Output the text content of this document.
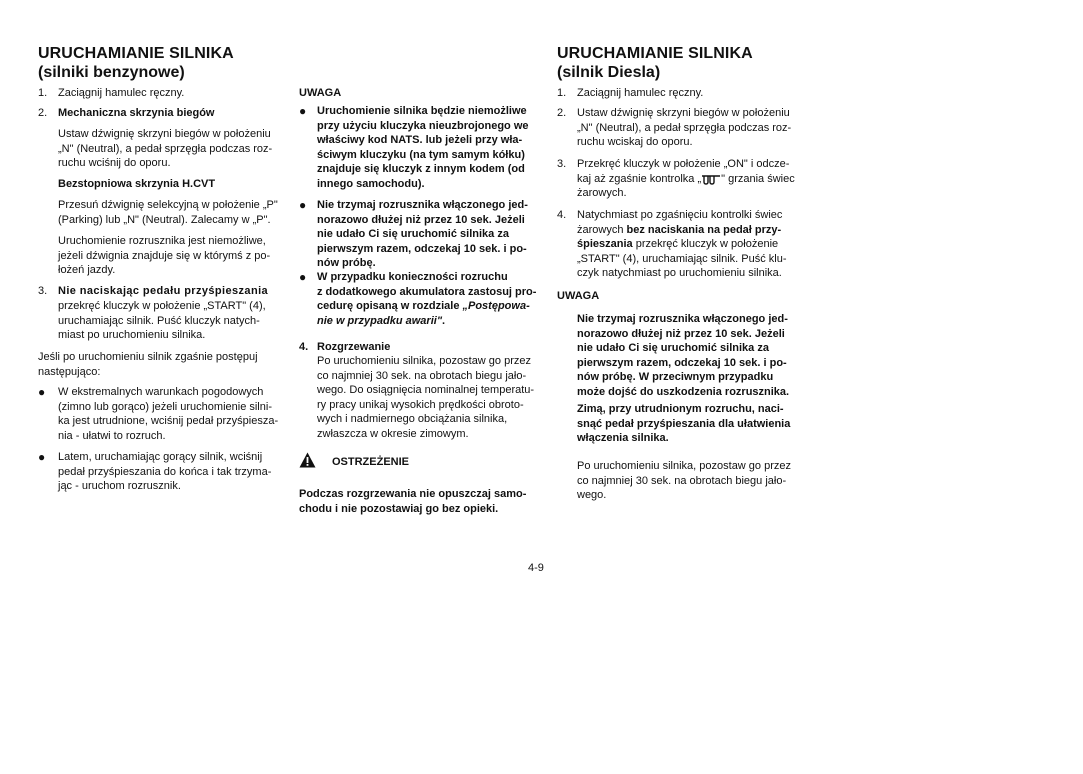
URUCHAMIANIE SILNIKA
(silniki benzynowe)
1. Zaciągnij hamulec ręczny.
2. Mechaniczna skrzynia biegów
Ustaw dźwignię skrzyni biegów w położeniu
„N" (Neutral), a pedał sprzęgła podczas roz-
ruchu wciśnij do oporu.
Bezstopniowa skrzynia H.CVT
Przesuń dźwignię selekcyjną w położenie „P"
(Parking) lub „N" (Neutral). Zalecamy w „P".
Uruchomienie rozrusznika jest niemożliwe,
jeżeli dźwignia znajduje się w którymś z po-
łożeń jazdy.
3. Nie naciskając pedału przyśpieszania
przekręć kluczyk w położenie „START" (4),
uruchamiając silnik. Puść kluczyk natych-
miast po uruchomieniu silnika.
Jeśli po uruchomieniu silnik zgaśnie postępuj
następująco:
● W ekstremalnych warunkach pogodowych
(zimno lub gorąco) jeżeli uruchomienie silni-
ka jest utrudnione, wciśnij pedał przyśpiesza-
nia - ułatwi to rozruch.
● Latem, uruchamiając gorący silnik, wciśnij
pedał przyśpieszania do końca i tak trzyma-
jąc - uruchom rozrusznik.
UWAGA
● Uruchomienie silnika będzie niemożliwe
przy użyciu kluczyka nieuzbrojonego we
właściwy kod NATS. lub jeżeli przy wła-
ściwym kluczyku (na tym samym kółku)
znajduje się kluczyk z innym kodem (od
innego samochodu).
● Nie trzymaj rozrusznika włączonego jed-
norazowo dłużej niż przez 10 sek. Jeżeli
nie udało Ci się uruchomić silnika za
pierwszym razem, odczekaj 10 sek. i po-
nów próbę.
● W przypadku konieczności rozruchu
z dodatkowego akumulatora zastosuj pro-
cedurę opisaną w rozdziale „Postępowa-
nie w przypadku awarii".
4. Rozgrzewanie
Po uruchomieniu silnika, pozostaw go przez
co najmniej 30 sek. na obrotach biegu jało-
wego. Do osiągnięcia nominalnej temperatu-
ry pracy unikaj wysokich prędkości obroto-
wych i nadmiernego obciążania silnika,
zwłaszcza w okresie zimowym.
OSTRZEŻENIE
Podczas rozgrzewania nie opuszczaj samo-
chodu i nie pozostawiaj go bez opieki.
URUCHAMIANIE SILNIKA
(silnik Diesla)
1. Zaciągnij hamulec ręczny.
2. Ustaw dźwignię skrzyni biegów w położeniu
„N" (Neutral), a pedał sprzęgła podczas roz-
ruchu wciskaj do oporu.
3. Przekręć kluczyk w położenie „ON" i odcze-
kaj aż zgaśnie kontrolka „ " grzania świec
żarowych.
4. Natychmiast po zgaśnięciu kontrolki świec
żarowych bez naciskania na pedał przy-
śpieszania przekręć kluczyk w położenie
„START" (4), uruchamiając silnik. Puść klu-
czyk natychmiast po uruchomieniu silnika.
UWAGA
Nie trzymaj rozrusznika włączonego jed-
norazowo dłużej niż przez 10 sek. Jeżeli
nie udało Ci się uruchomić silnika za
pierwszym razem, odczekaj 10 sek. i po-
nów próbę. W przeciwnym przypadku
może dojść do uszkodzenia rozrusznika.
Zimą, przy utrudnionym rozruchu, naci-
snąć pedał przyśpieszania dla ułatwienia
włączenia silnika.
Po uruchomieniu silnika, pozostaw go przez
co najmniej 30 sek. na obrotach biegu jało-
wego.
4-9
